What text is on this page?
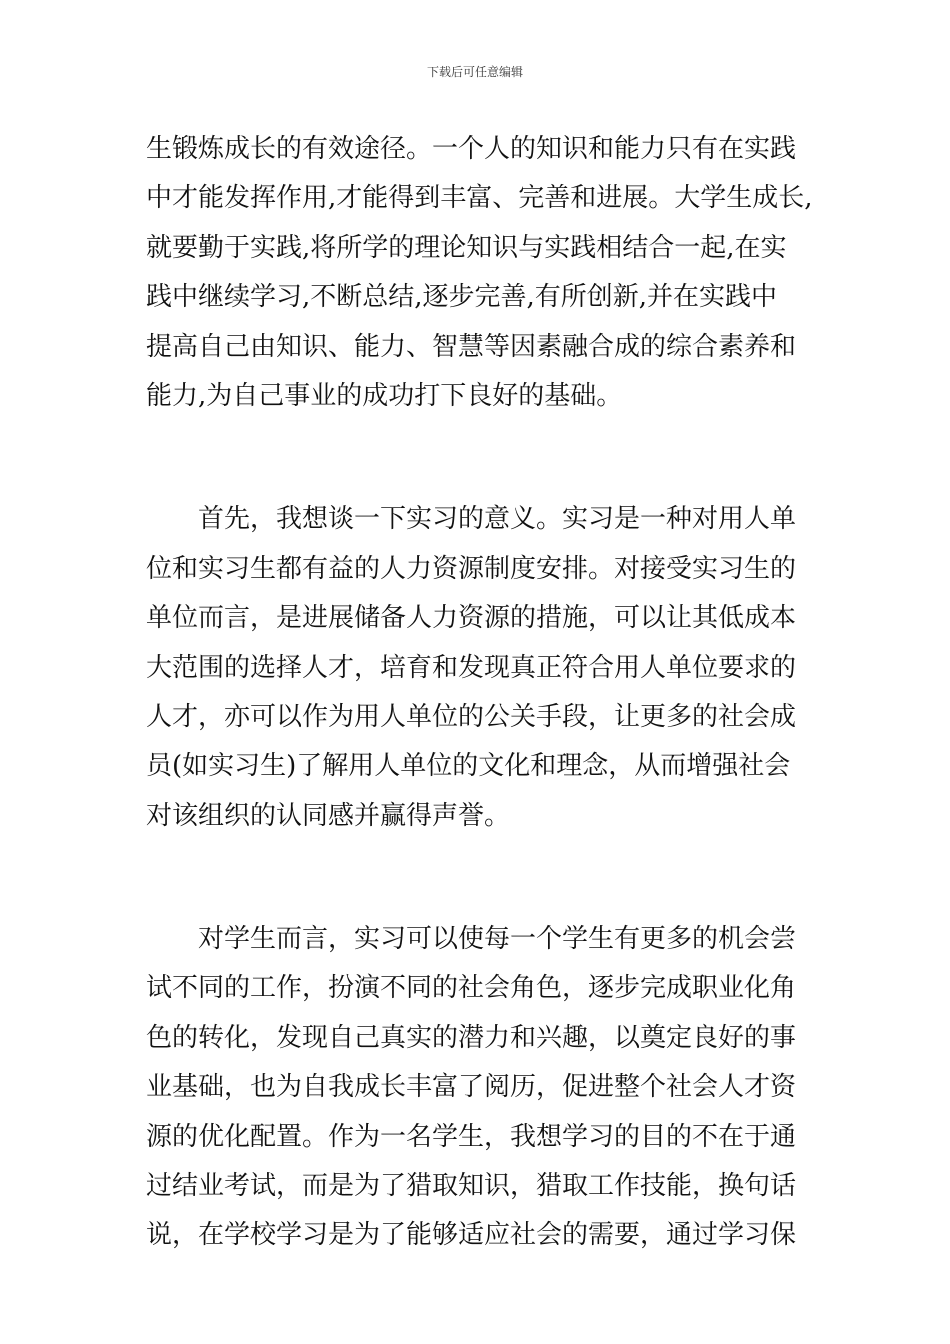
下载后可任意编辑

生锻炼成长的有效途径。一个人的知识和能力只有在实践
中才能发挥作用,才能得到丰富、完善和进展。大学生成长,
就要勤于实践,将所学的理论知识与实践相结合一起,在实
践中继续学习,不断总结,逐步完善,有所创新,并在实践中
提高自己由知识、能力、智慧等因素融合成的综合素养和
能力,为自己事业的成功打下良好的基础。

　　首先，我想谈一下实习的意义。实习是一种对用人单
位和实习生都有益的人力资源制度安排。对接受实习生的
单位而言，是进展储备人力资源的措施，可以让其低成本
大范围的选择人才，培育和发现真正符合用人单位要求的
人才，亦可以作为用人单位的公关手段，让更多的社会成
员(如实习生)了解用人单位的文化和理念，从而增强社会
对该组织的认同感并赢得声誉。

　　对学生而言，实习可以使每一个学生有更多的机会尝
试不同的工作，扮演不同的社会角色，逐步完成职业化角
色的转化，发现自己真实的潜力和兴趣，以奠定良好的事
业基础，也为自我成长丰富了阅历，促进整个社会人才资
源的优化配置。作为一名学生，我想学习的目的不在于通
过结业考试，而是为了猎取知识，猎取工作技能，换句话
说，在学校学习是为了能够适应社会的需要，通过学习保
